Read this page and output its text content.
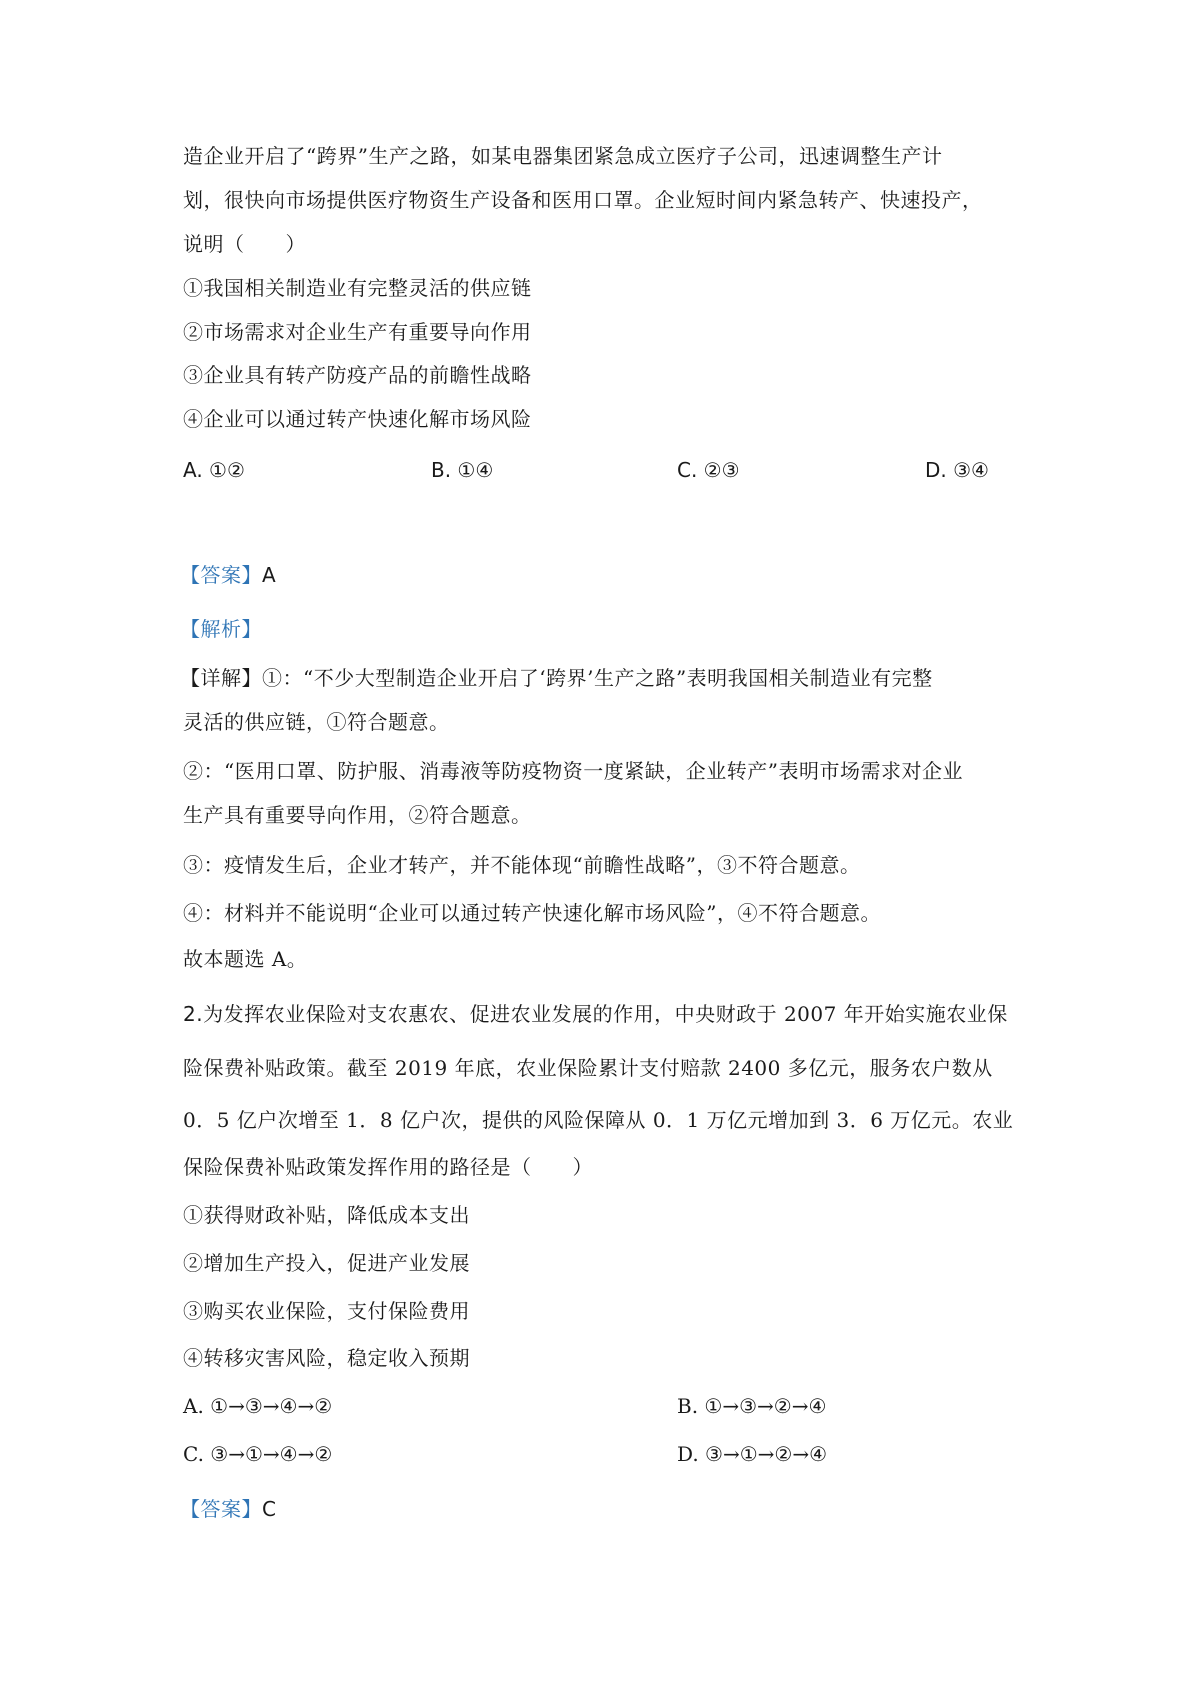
造企业开启了“跨界”生产之路，如某电器集团紧急成立医疗子公司，迅速调整生产计
划，很快向市场提供医疗物资生产设备和医用口罩。企业短时间内紧急转产、快速投产，
说明（　　）
①我国相关制造业有完整灵活的供应链
②市场需求对企业生产有重要导向作用
③企业具有转产防疫产品的前瞻性战略
④企业可以通过转产快速化解市场风险
A. ①②	B. ①④	C. ②③	D. ③④
【答案】A
【解析】
【详解】①：“不少大型制造企业开启了‘跨界’生产之路”表明我国相关制造业有完整
灵活的供应链，①符合题意。
②：“医用口罩、防护服、消毒液等防疫物资一度紧缺，企业转产”表明市场需求对企业
生产具有重要导向作用，②符合题意。
③：疫情发生后，企业才转产，并不能体现“前瞻性战略”，③不符合题意。
④：材料并不能说明“企业可以通过转产快速化解市场风险”，④不符合题意。
故本题选 A。
2.为发挥农业保险对支农惠农、促进农业发展的作用，中央财政于 2007 年开始实施农业保
险保费补贴政策。截至 2019 年底，农业保险累计支付赔款 2400 多亿元，服务农户数从
0．5 亿户次增至 1．8 亿户次，提供的风险保障从 0．1 万亿元增加到 3．6 万亿元。农业
保险保费补贴政策发挥作用的路径是（　　）
①获得财政补贴，降低成本支出
②增加生产投入，促进产业发展
③购买农业保险，支付保险费用
④转移灾害风险，稳定收入预期
A. ①→③→④→②	B. ①→③→②→④
C. ③→①→④→②	D. ③→①→②→④
【答案】C
